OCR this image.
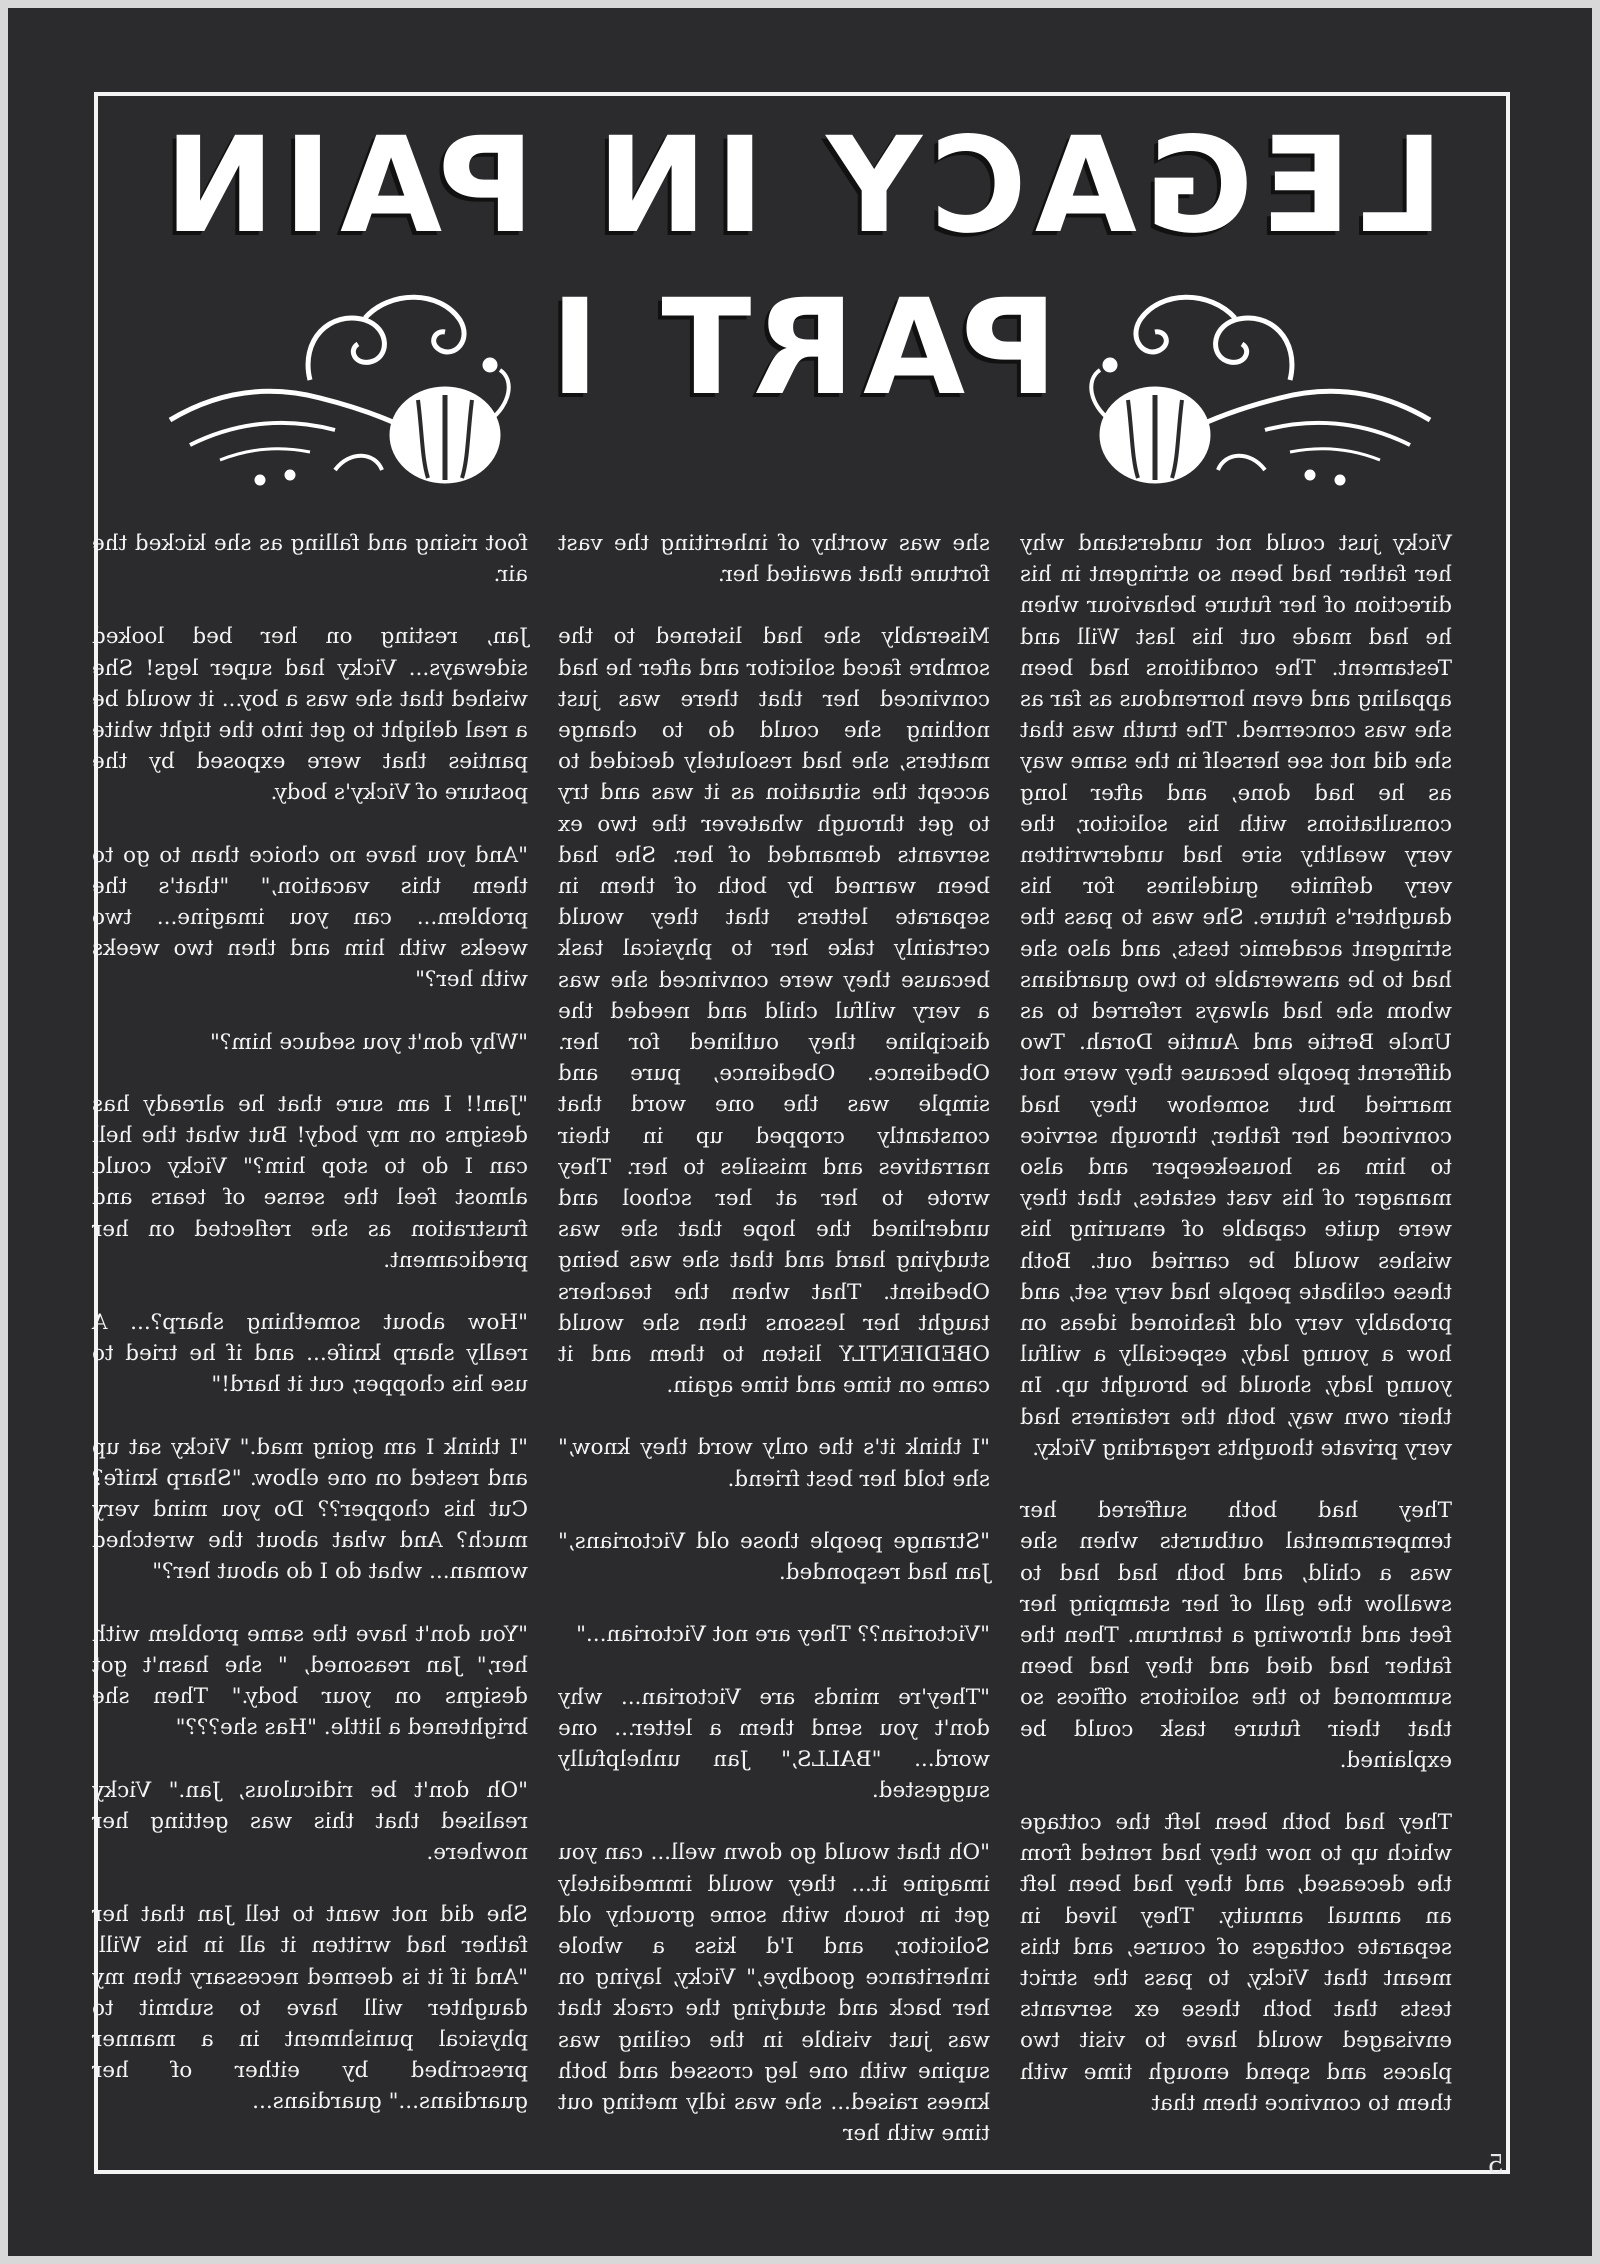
LEGACY IN PAIN
PART I

Vicky just could not understand why her father had been so stringent in his direction of her future behaviour when he had made out his last Will and Testament. The conditions had been appaling and even horrendous as far as she was concerned. The truth was that she did not see herself in the same way as he had done, and after long consultations with his solicitor, the very wealthy sire had underwritten very definite guidelines for his daughter's future. She was to pass the stringent academic tests, and also she had to be answerable to two guardians whom she had always referred to as Uncle Bertie and Auntie Dorah. Two different people because they were not married but somehow they had convinced her father, through service to him as housekeeper and also manager of his vast estates, that they were quite capable of ensuring his wishes would be carried out. Both these celibate people had very set, and probably very old fashioned ideas on how a young lady, especially a wilful young lady, should be brought up. In their own way, both the retainers had very private thoughts regarding Vicky.

They had both suffered her temperamental outbursts when she was a child, and both had had to swallow the gall of her stamping her feet and throwing a tantrum. Then the father had died and they had been summoned to the solicitors offices so that their future task could be explained.

They had both been left the cottage which up to now they had rented from the deceased, and they had been left an annual annuity. They lived in separate cottages of course, and this meant that Vicky, to pass the strict tests that both these ex servants envisaged would have to visit two places and spend enough time with them to convince them that

she was worthy of inheriting the vast fortune that awaited her.

Miserably she had listened to the sombre faced solicitor and after he had convinced her that there was just nothing she could do to change matters, she had resolutely decided to accept the situation as it was and try to get through whatever the two ex servants demanded of her. She had been warned by both of them in separate letters that they would certainly take her to physical task because they were convinced she was a very wilful child and needed the discipline they outlined for her. Obedience. Obedience, pure and simple was the one word that constantly cropped up in their narratives and missiles to her. They wrote to her at her school and underlined the hope that she was studying hard and that she was being Obedient. That when the teachers taught her lessons then she would OBEDIENTLY listen to them and it came on time and time again.

"I think it's the only word they know," she told her best friend.

"Strange people those old Victorians," Jan had responded.

"Victorian?? They are not Victorian..."

"They're minds are Victorian... why don't you send them a letter... one word... "BALLS," Jan unhelpfully suggested.

"Oh that would go down well... can you imagine it... they would immediately get in touch with some grouchy old Solicitor, and I'd kiss a whole inheritance goodbye," Vicky, laying on her back and studying the crack that was just visible in the ceiling was supine with one leg crossed and both knees raised... she was idly meting out time with her

foot rising and falling as she kicked the air.

Jan, resting on her bed looked sideways... Vicky had super legs! She wished that she was a boy... it would be a real delight to get into the tight white panties that were exposed by the posture of Vicky's body.

"And you have no choice than to go to them this vacation," "that's the problem... can you imagine... two weeks with him and then two weeks with her?"

"Why don't you seduce him?"

"Jan!! I am sure that he already has designs on my body! But what the hell can I do to stop him?" Vicky could almost feel the sense of tears and frustration as she reflected on her predicament.

"How about something sharp?... A really sharp knife... and if he tried to use his chopper, cut it hard!"

"I think I am going mad." Vicky sat up and rested on one elbow. "Sharp knife? Cut his chopper?? Do you mind very much? And what about the wretched woman... what do I do about her?"

"You don't have the same problem with her," Jan reasoned, " she hasn't got designs on your body." Then she brightened a little. "Has she???"

"Oh don't be ridiculous, Jan." Vicky realised that this was getting her nowhere.

She did not want to tell Jan that her father had written it all in his Will. "And if it is deemed necessary then my daughter will have to submit to physical punishment in a manner prescribed by either of her guardians..." guardians...

5
